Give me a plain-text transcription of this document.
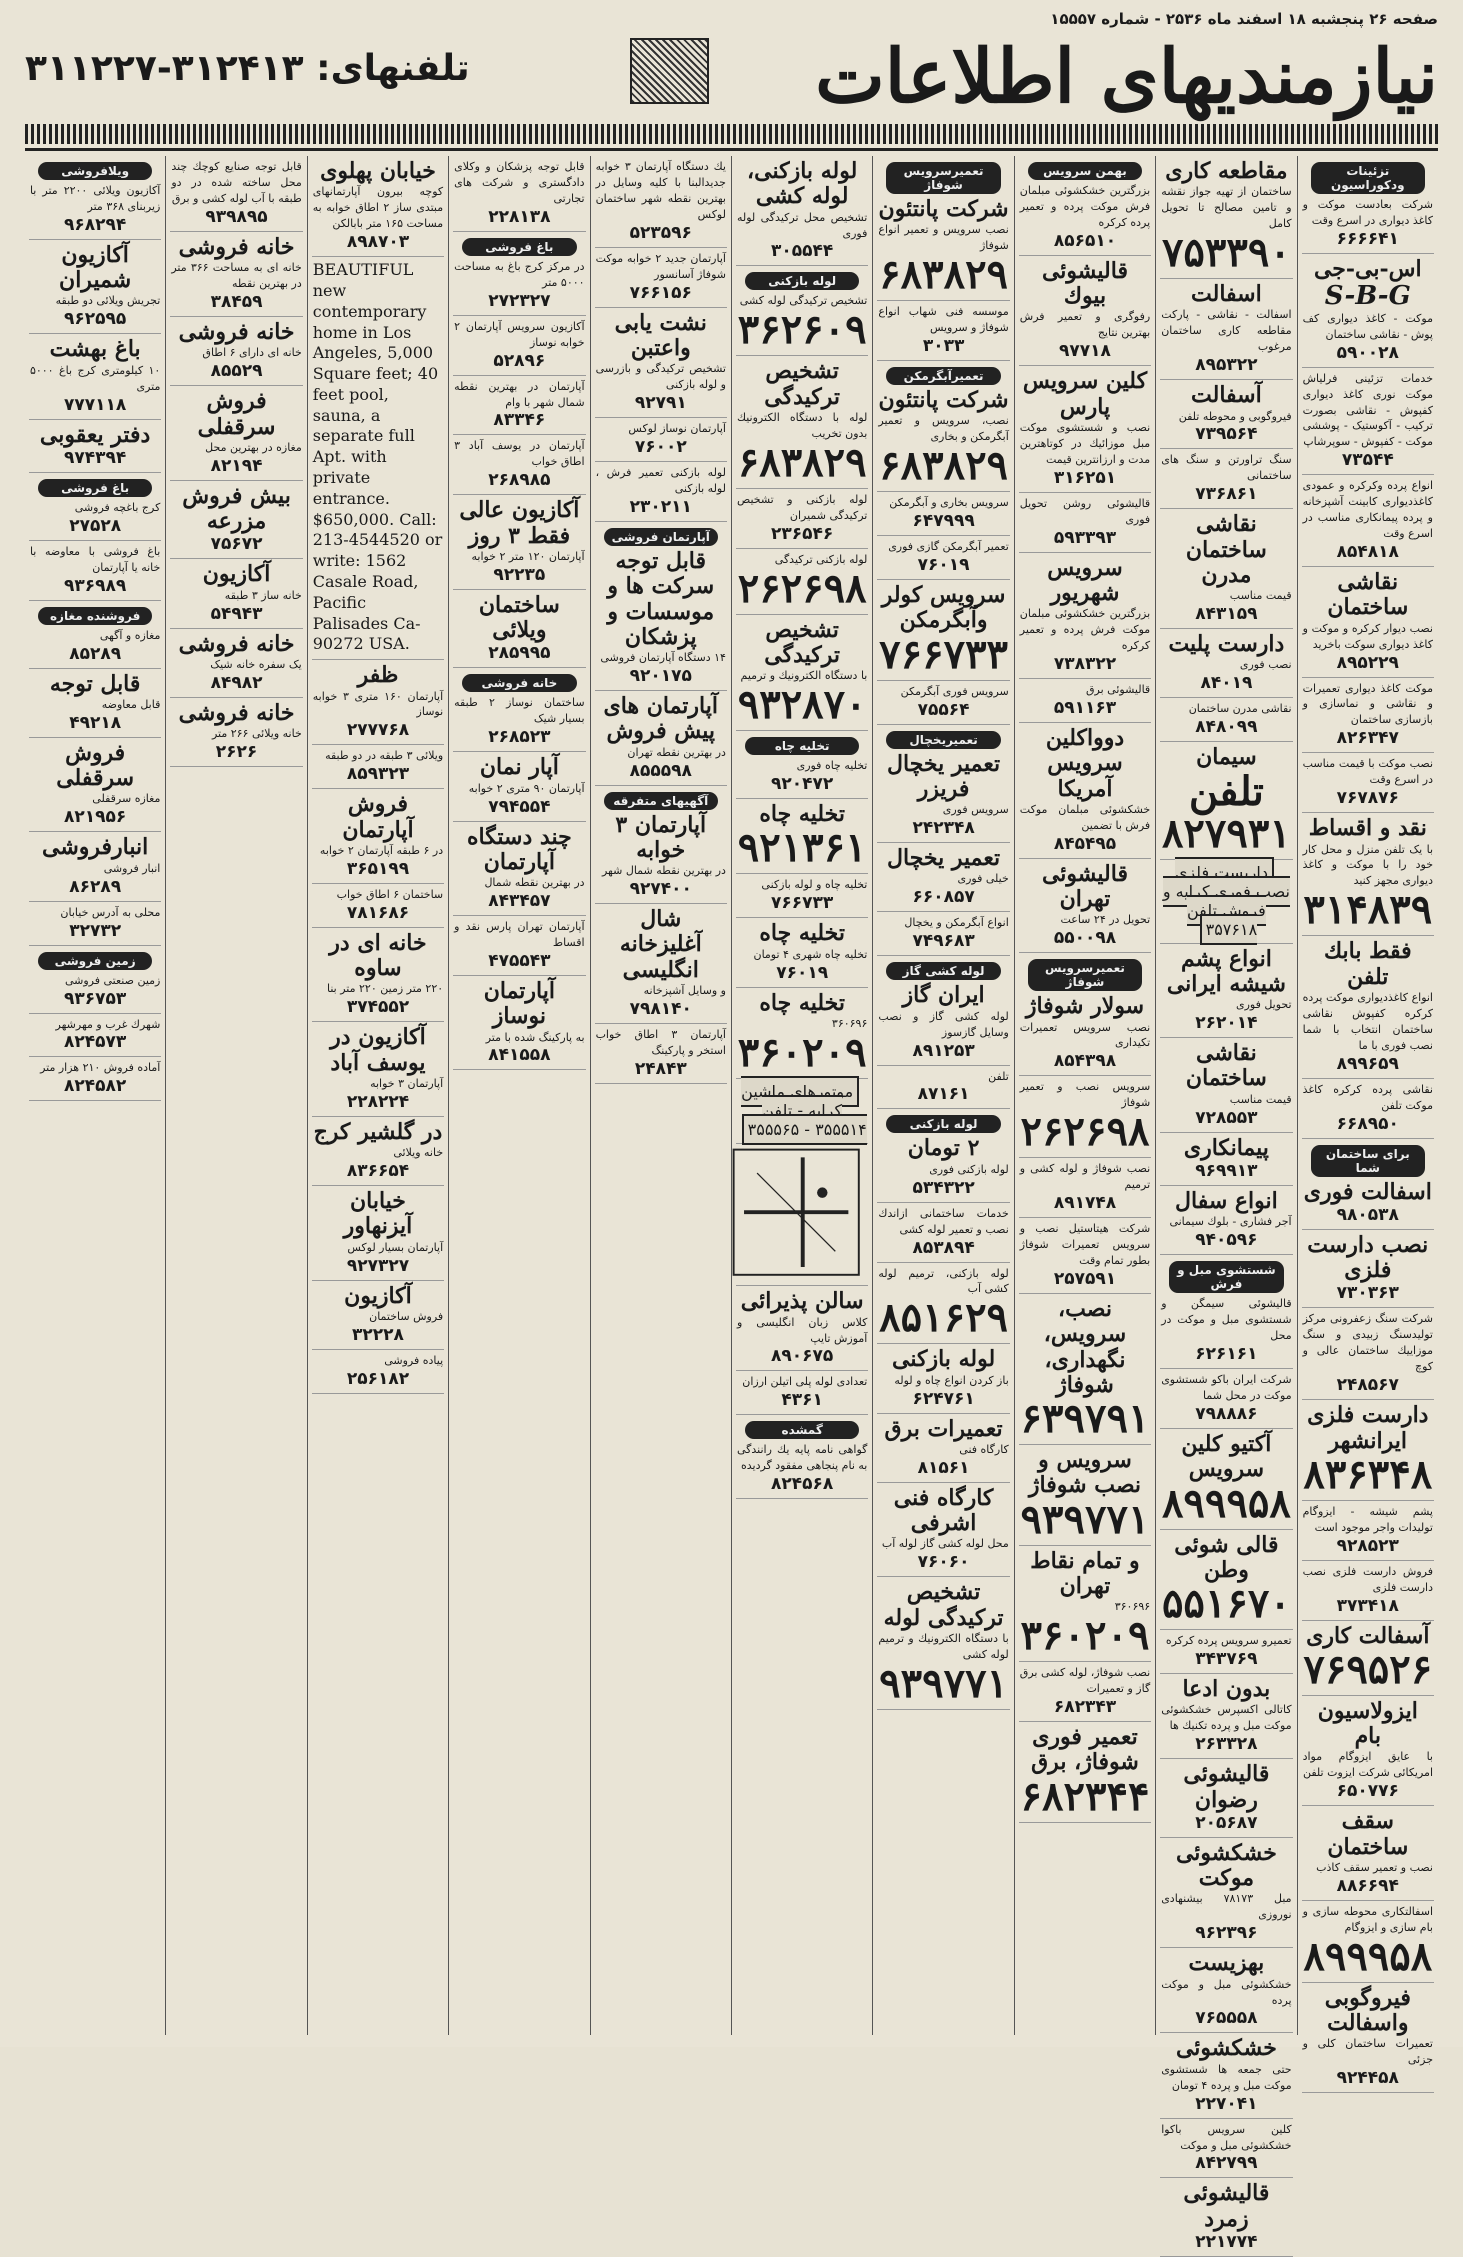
صفحه ۲۶ پنجشبه ۱۸ اسفند ماه ۲۵۳۶ - شماره ۱۵۵۵۷
نیازمندیهای اطلاعات
تلفنهای: ۳۱۲۴۱۳-۳۱۱۲۲۷
تزئینات ودکوراسیون
شرکت بعادست موکت و کاغذ دیواری در اسرع وقت
۶۶۶۶۴۱
اس-بی-جی
S-B-G
موکت - کاغذ دیواری کف پوش - نقاشی ساختمان
۵۹۰۰۲۸
خدمات تزئینی فرلیاش موکت نوری کاغذ دیواری کفپوش - نقاشی بصورت ترکیب - آکوستیک - پوششی موکت - کفپوش - سوپرشاپ
۷۳۵۴۴
انواع پرده وکرکره و عمودی کاغذدیواری کابینت آشپزخانه و پرده پیمانکاری مناسب در اسرع وقت
۸۵۴۸۱۸
نقاشی ساختمان
نصب دیوار کرکره و موکت و کاغذ دیواری سوکت باخرید
۸۹۵۲۲۹
موکت کاغذ دیواری تعمیرات و نقاشی و نماسازی و بازسازی ساختمان
۸۲۶۳۴۷
نصب موکت با قیمت مناسب در اسرع وقت
۷۶۷۸۷۶
نقد و اقساط
با یک تلفن منزل و محل کار خود را با موکت و کاغذ دیواری مجهز کنید
۳۱۴۸۳۹
فقط بابك تلفن
انواع كاغذديوارى موكت پرده كركره كفپوش نقاشى ساختمان انتخاب با شما نصب فورى با ما
۸۹۹۶۵۹
نقاشى پرده كركره كاغذ موكت تلفن
۶۶۸۹۵۰
براى ساختمان شما
اسفالت فورى
۹۸۰۵۳۸
نصب دارست فلزى
۷۳۰۳۶۳
شركت سنگ زعفرونى مركز توليدسنگ زبيدى و سنگ موزاييك ساختمان عالى و كوچ
۲۴۸۵۶۷
دارست فلزى ايرانشهر
۸۳۶۳۴۸
پشم شيشه - ايزوگام توليدات واجر موجود است
۹۲۸۵۲۳
فروش دارست فلزى نصب دارست فلزى
۳۷۳۴۱۸
آسفالت كارى
۷۶۹۵۲۶
ايزولاسيون بام
با عايق ايزوگام مواد امريكائى شركت ايزوت تلفن
۶۵۰۷۷۶
سقف ساختمان
نصب و تعمير سقف كاذب
۸۸۶۶۹۴
اسفالتكارى محوطه سازى و بام سازى و ايزوگام
۸۹۹۹۵۸
فيروگوبى واسفالت
تعميرات ساختمان كلى و جزئى
۹۲۴۴۵۸
مقاطعه كارى
ساختمان از تهيه جواز نقشه و تامين مصالح تا تحويل كامل
۷۵۳۳۹۰
اسفالت
اسفالت - نقاشى - پاركت مقاطعه كارى ساختمان مرغوب
۸۹۵۳۲۲
آسفالت
فيروگوبى و محوطه تلفن
۷۳۹۵۶۴
سنگ تراورتن و سنگ هاى ساختمانى
۷۳۶۸۶۱
نقاشى ساختمان مدرن
قيمت مناسب
۸۴۳۱۵۹
دارست پليت
نصب فورى
۸۴۰۱۹
نقاشى مدرن ساختمان
۸۴۸۰۹۹
سيمان
تلفن ۸۲۷۹۳۱
داربست فلزى نصب فورى كرايه و فروش تلفن ۳۵۷۶۱۸
انواع پشم شيشه ايرانى
تحويل فورى
۲۶۲۰۱۴
نقاشى ساختمان
قيمت مناسب
۷۲۸۵۵۳
پيمانكارى
۹۶۹۹۱۳
انواع سفال
آجر فشارى - بلوك سيمانى
۹۴۰۵۹۶
شستشوى مبل و فرش
قاليشوئى سيمگن و شستشوى مبل و موكت در محل
۶۲۶۱۶۱
شركت ايران باكو شستشوى موكت در محل شما
۷۹۸۸۸۶
آكتيو كلين سرويس
۸۹۹۹۵۸
قالى شوئى وطن
۵۵۱۶۷۰
تعميرو سرويس پرده كركره
۳۴۳۷۶۹
بدون ادعا
كاتالى اكسپرس خشكشوئى موكت مبل و پرده تكنيك ها
۲۶۳۳۲۸
قاليشوئى رضوان
۲۰۵۶۸۷
خشكشوئى موكت
مبل ۷۸۱۷۳ بیشنهادی نوروزی
۹۶۲۳۹۶
بهزيست
خشكشوئى مبل و موكت پرده
۷۶۵۵۵۸
خشكشوئى
حتى جمعه ها شستشوى موكت مبل و پرده ۴ تومان
۲۲۷۰۴۱
كلين سرويس باكوا خشكشوئى مبل و موكت
۸۴۲۷۹۹
قاليشوئى زمرد
۲۲۱۷۷۴
بهمن سرويس
بزرگترين خشكشوئى مبلمان فرش موكت پرده و تعمير پرده كركره
۸۵۶۵۱۰
قاليشوئى بيوك
رفوگرى و تعمير فرش بهترين نتايج
۹۷۷۱۸
كلين سرويس پارس
نصب و شستشوى موكت مبل موزائيك در كوتاهترين مدت و ارزانترين قيمت
۳۱۶۲۵۱
قاليشوئى روشن تحويل فورى
۵۹۳۳۹۳
سرويس شهريور
بزرگترين خشكشوئى مبلمان موكت فرش پرده و تعمير كركره
۷۳۸۳۲۲
قاليشوئى برق
۵۹۱۱۶۳
دوواكلين سرويس آمريكا
خشكشوئى مبلمان موكت فرش با تضمين
۸۴۵۴۹۵
قاليشوئى تهران
تحويل در ۲۴ ساعت
۵۵۰۰۹۸
تعميرسرويس شوفاژ
سولار شوفاژ
نصب سرويس تعميرات تكيدارى
۸۵۴۳۹۸
سرويس نصب و تعمير شوفاژ
۲۶۲۶۹۸
نصب شوفاژ و لوله كشى و ترميم
۸۹۱۷۴۸
شركت هيتاستيل نصب و سرويس تعميرات شوفاژ بطور تمام وقت
۲۵۷۵۹۱
نصب، سرويس، نگهدارى، شوفاژ
۶۳۹۷۹۱
سرويس و نصب شوفاژ
۹۳۹۷۷۱
و تمام نقاط تهران
۳۶۰۶۹۶
۳۶۰۲۰۹
نصب شوفاژ، لوله كشى برق گاز و تعميرات
۶۸۲۳۴۳
تعمير فورى شوفاژ، برق
۶۸۲۳۴۴
تعميرسرويس شوفاژ
شركت پانتئون
نصب سرويس و تعمير انواع شوفاژ
۶۸۳۸۲۹
موسسه فنى شهاب انواع شوفاژ و سرويس
۳۰۳۳
تعميرآبگرمكن
شركت پانتئون
نصب، سرويس و تعمير آبگرمكن و بخارى
۶۸۳۸۲۹
سرويس بخارى و آبگرمكن
۶۴۷۹۹۹
تعمير آبگرمكن گازى فورى
۷۶۰۱۹
سرويس كولر وآبگرمكن
۷۶۶۷۳۳
سرويس فورى آبگرمكن
۷۵۵۶۴
تعميريخچال
تعمير يخچال فريزر
سرويس فورى
۲۴۲۳۴۸
تعمير يخچال
خيلى فورى
۶۶۰۸۵۷
انواع آبگرمكن و يخچال
۷۴۹۶۸۳
لوله كشى گاز
ايران گاز
لوله كشى گاز و نصب وسايل گازسوز
۸۹۱۲۵۳
تلفن
۸۷۱۶۱
لوله بازكنى
۲ تومان
لوله بازكنى فورى
۵۳۴۳۲۲
خدمات ساختمانى ازاندك نصب و تعمير لوله كشى
۸۵۳۸۹۴
لوله بازكنى، ترميم لوله كشى آب
۸۵۱۶۲۹
لوله بازكنى
باز كردن انواع چاه و لوله
۶۲۴۷۶۱
تعميرات برق
كارگاه فنى
۸۱۵۶۱
كارگاه فنى اشرفى
محل لوله كشى گاز لوله آب
۷۶۰۶۰
تشخيص تركيدگى لوله
با دستگاه الكترونيك و ترميم لوله كشى
۹۳۹۷۷۱
لوله بازكنى، لوله كشى
تشخيص محل تركيدگى لوله فورى
۳۰۵۵۴۴
لوله بازكنى
تشخيص تركيدگى لوله كشى
۳۶۲۶۰۹
تشخيص تركيدگى
لوله با دستگاه الكترونيك بدون تخريب
۶۸۳۸۲۹
لوله بازكنى و تشخيص تركيدگى شميران
۲۳۶۵۴۶
لوله بازكنى تركيدگى
۲۶۲۶۹۸
تشخيص تركيدگى
با دستگاه الكترونيك و ترميم
۹۳۲۸۷۰
تخليه چاه
تخليه چاه فورى
۹۲۰۴۷۲
تخليه چاه
۹۲۱۳۶۱
تخليه چاه و لوله بازكنى
۷۶۶۷۳۳
تخليه چاه
تخليه چاه شهرى ۴ تومان
۷۶۰۱۹
تخليه چاه
۳۶۰۶۹۶
۳۶۰۲۰۹
موتورهاى ماشين كرايه - تلفن ۳۵۵۵۱۴ - ۳۵۵۵۶۵
سالن پذيرائى
كلاس زبان انگليسى و آموزش تايپ
۸۹۰۶۷۵
تعدادى لوله پلی اتيلن ارزان
۴۳۶۱
گمشده
گواهى نامه پايه يك رانندگى به نام پنجاهى مفقود گرديده
۸۲۴۵۶۸
يك دستگاه آپارتمان ۳ خوابه جديدالبنا با كليه وسايل در بهترين نقطه شهر ساختمان لوكس
۵۲۳۵۹۶
آپارتمان جديد ۲ خوابه موكت شوفاژ آسانسور
۷۶۶۱۵۶
نشت يابى واعتبن
تشخيص تركيدگى و بازرسى و لوله بازكنى
۹۲۷۹۱
آپارتمان نوساز لوكس
۷۶۰۰۲
لوله بازكنى تعمير فرش ، لوله بازكنى
۲۳۰۲۱۱
آپارتمان فروشى
قابل توجه سرکت ها و موسسات و پزشكان
۱۴ دستگاه آپارتمان فروشى
۹۲۰۱۷۵
آپارتمان هاى پيش فروش
در بهترين نقطه تهران
۸۵۵۵۹۸
آگهيهاى متفرقه
آپارتمان ۳ خوابه
در بهترين نقطه شمال شهر
۹۲۷۴۰۰
شال آغليزخانه انگليسى
و وسايل آشپزخانه
۷۹۸۱۴۰
آپارتمان ۳ اطاق خواب استخر و پاركينگ
۲۴۸۴۳
قابل توجه پزشكان و وكلاى دادگسترى و شركت هاى تجارتى
۲۲۸۱۳۸
باغ فروشى
در مركز كرج باغ به مساحت ۵۰۰۰ متر
۲۷۲۳۲۷
آكازيون سرويس آپارتمان ۲ خوابه نوساز
۵۲۸۹۶
آپارتمان در بهترين نقطه شمال شهر با وام
۸۳۳۴۶
آپارتمان در يوسف آباد ۳ اطاق خواب
۲۶۸۹۸۵
آكازيون عالى فقط ۳ روز
آپارتمان ۱۲۰ متر ۲ خوابه
۹۲۲۳۵
ساختمان ويلائى
۲۸۵۹۹۵
خانه فروشى
ساختمان نوساز ۲ طبقه بسيار شيک
۲۶۸۵۲۳
آپار نمان
آپارتمان ۹۰ مترى ۲ خوابه
۷۹۴۵۵۴
چند دستگاه آپارتمان
در بهترين نقطه شمال
۸۴۳۴۵۷
آپارتمان تهران پارس نقد و اقساط
۴۷۵۵۴۳
آپارتمان نوساز
به پاركينگ شده با متر
۸۴۱۵۵۸
خيابان پهلوى
كوچه بيرون آپارتمانهاى مبتدى ساز ۲ اطاق خوابه به مساحت ۱۶۵ متر بابالكن
۸۹۸۷۰۳
BEAUTIFUL new contemporary home in Los Angeles, 5,000 Square feet; 40 feet pool, sauna, a separate full Apt. with private entrance. $650,000. Call: 213-4544520 or write: 1562 Casale Road, Pacific Palisades Ca-90272 USA.
ظفر
آپارتمان ۱۶۰ مترى ۳ خوابه نوساز
۲۷۷۷۶۸
ويلائى ۳ طبقه در دو طبقه
۸۵۹۳۲۳
فروش آپارتمان
در ۶ طبقه آپارتمان ۲ خوابه
۳۶۵۱۹۹
ساختمان ۶ اطاق خواب
۷۸۱۶۸۶
خانه اى در ساوه
۲۲۰ متر زمين ۲۲۰ متر بنا
۳۷۴۵۵۲
آكازيون در يوسف آباد
آپارتمان ۳ خوابه
۲۲۸۲۲۴
در گلشير كرج
خانه ويلائى
۸۳۶۶۵۴
خيابان آيزنهاور
آپارتمان بسيار لوكس
۹۲۷۳۲۷
آكازيون
فروش ساختمان
۳۲۲۲۸
پياده فروشى
۲۵۶۱۸۲
قابل توجه صنايع كوچك چند محل ساخته شده در دو طبقه با آب لوله كشى و برق
۹۳۹۸۹۵
خانه فروشى
خانه اى به مساحت ۳۶۶ متر در بهترين نقطه
۳۸۴۵۹
خانه فروشى
خانه اى داراى ۶ اطاق
۸۵۵۲۹
فروش سرقفلى
مغازه در بهترين محل
۸۲۱۹۴
بيش فروش مزرعه
۷۵۶۷۲
آكازيون
خانه ساز ۳ طبقه
۵۴۹۴۳
خانه فروشى
يک سفره خانه شيک
۸۴۹۸۲
خانه فروشى
خانه ويلائى ۲۶۶ متر
۲۶۲۶
ويلافروشى
آكازيون ويلائى ۲۲۰۰ متر با زيربناى ۳۶۸ متر
۹۶۸۲۹۴
آكازيون شميران
تجريش ويلائى دو طبقه
۹۶۲۵۹۵
باغ بهشت
۱۰ كيلومترى كرج باغ ۵۰۰۰ مترى
۷۷۷۱۱۸
دفتر يعقوبى
۹۷۴۳۹۴
باغ فروشى
كرج باغچه فروشى
۲۷۵۲۸
باغ فروشى با معاوضه با خانه يا آپارتمان
۹۳۶۹۸۹
فروشنده مغازه
مغازه و آگهى
۸۵۲۸۹
قابل توجه
قابل معاوضه
۴۹۲۱۸
فروش سرقفلى
مغازه سرقفلى
۸۲۱۹۵۶
انبارفروشى
انبار فروشى
۸۶۲۸۹
محلى به آدرس خيابان
۳۲۷۳۲
زمين فروشى
زمين صنعتى فروشى
۹۳۶۷۵۳
شهرك غرب و مهرشهر
۸۲۴۵۷۳
آماده فروش ۲۱۰ هزار متر
۸۲۴۵۸۲
